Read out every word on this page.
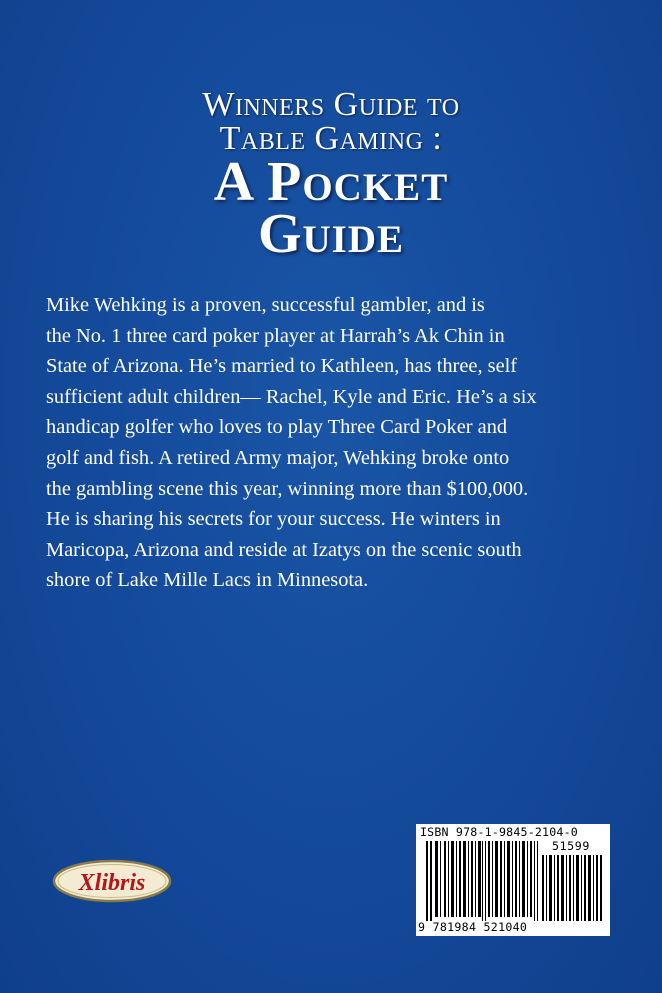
Winners Guide to
Table Gaming :
A Pocket
Guide

Mike Wehking is a proven, successful gambler, and is
the No. 1 three card poker player at Harrah’s Ak Chin in
State of Arizona. He’s married to Kathleen, has three, self
sufficient adult children— Rachel, Kyle and Eric. He’s a six
handicap golfer who loves to play Three Card Poker and
golf and fish. A retired Army major, Wehking broke onto
the gambling scene this year, winning more than $100,000.
He is sharing his secrets for your success. He winters in
Maricopa, Arizona and reside at Izatys on the scenic south
shore of Lake Mille Lacs in Minnesota.

Xlibris
ISBN 978-1-9845-2104-0
51599
9 781984 521040
